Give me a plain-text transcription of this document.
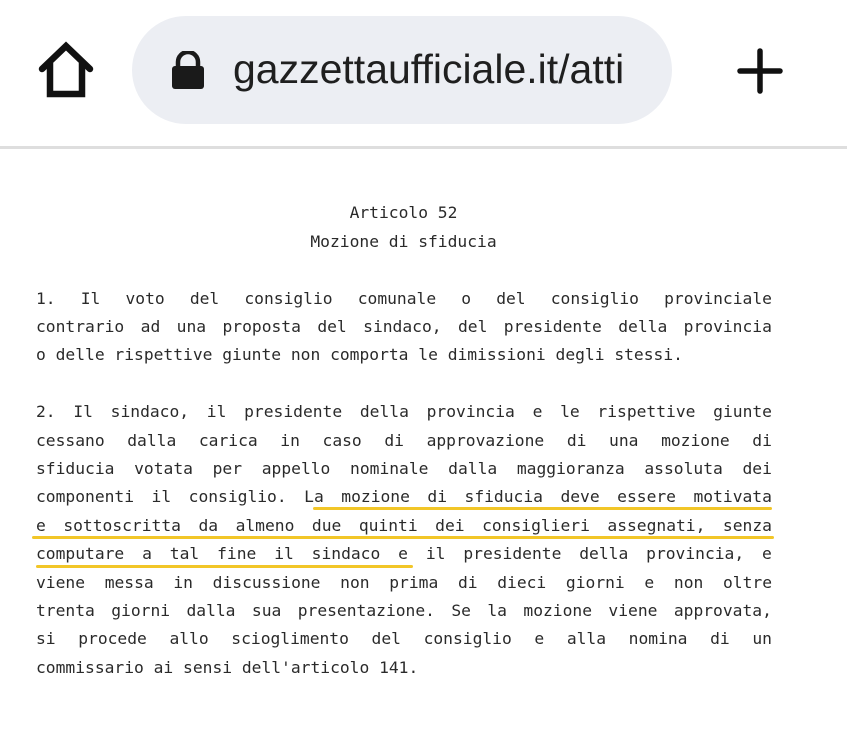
gazzettaufficiale.it/atti
Articolo 52
Mozione di sfiducia
1. Il voto del consiglio comunale o del consiglio provinciale
contrario ad una proposta del sindaco, del presidente della provincia
o delle rispettive giunte non comporta le dimissioni degli stessi.
2. Il sindaco, il presidente della provincia e le rispettive giunte
cessano dalla carica in caso di approvazione di una mozione di
sfiducia votata per appello nominale dalla maggioranza assoluta dei
componenti il consiglio. La mozione di sfiducia deve essere motivata
e sottoscritta da almeno due quinti dei consiglieri assegnati, senza
computare a tal fine il sindaco e il presidente della provincia, e
viene messa in discussione non prima di dieci giorni e non oltre
trenta giorni dalla sua presentazione. Se la mozione viene approvata,
si procede allo scioglimento del consiglio e alla nomina di un
commissario ai sensi dell'articolo 141.
